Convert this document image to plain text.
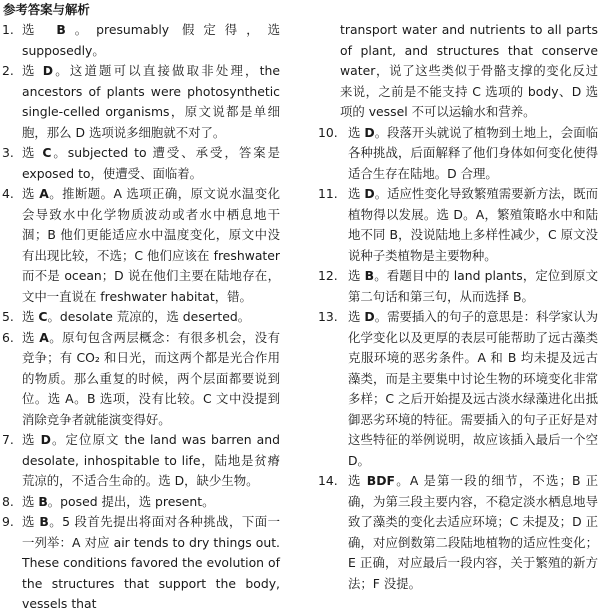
参考答案与解析
1. 选 B。presumably 假定得，选 supposedly。
2. 选 D。这道题可以直接做取非处理，the ancestors of plants were photosynthetic single-celled organisms，原文说都是单细胞，那么 D 选项说多细胞就不对了。
3. 选 C。subjected to 遭受、承受，答案是 exposed to，使遭受、面临着。
4. 选 A。推断题。A 选项正确，原文说水温变化会导致水中化学物质波动或者水中栖息地干涸；B 他们更能适应水中温度变化，原文中没有出现比较，不选；C 他们应该在 freshwater 而不是 ocean；D 说在他们主要在陆地存在，文中一直说在 freshwater habitat，错。
5. 选 C。desolate 荒凉的，选 deserted。
6. 选 A。原句包含两层概念：有很多机会，没有竞争；有 CO₂ 和日光，而这两个都是光合作用的物质。那么重复的时候，两个层面都要说到位。选 A。B 选项，没有比较。C 文中没提到消除竞争者就能演变得好。
7. 选 D。定位原文 the land was barren and desolate, inhospitable to life，陆地是贫瘠荒凉的，不适合生命的。选 D，缺少生物。
8. 选 B。posed 提出，选 present。
9. 选 B。5 段首先提出将面对各种挑战，下面一一列举：A 对应 air tends to dry things out. These conditions favored the evolution of the structures that support the body, vessels that
transport water and nutrients to all parts of plant, and structures that conserve water，说了这些类似于骨骼支撑的变化反过来说，之前是不能支持 C 选项的 body、D 选项的 vessel 不可以运输水和营养。
10. 选 D。段落开头就说了植物到土地上，会面临各种挑战，后面解释了他们身体如何变化使得适合生存在陆地。D 合理。
11. 选 D。适应性变化导致繁殖需要新方法，既而植物得以发展。选 D。A，繁殖策略水中和陆地不同 B，没说陆地上多样性减少，C 原文没说种子类植物是主要物种。
12. 选 B。看题目中的 land plants，定位到原文第二句话和第三句，从而选择 B。
13. 选 D。需要插入的句子的意思是：科学家认为化学变化以及更厚的表层可能帮助了远古藻类克服环境的恶劣条件。A 和 B 均未提及远古藻类，而是主要集中讨论生物的环境变化非常多样；C 之后开始提及远古淡水绿藻进化出抵御恶劣环境的特征。需要插入的句子正好是对这些特征的举例说明，故应该插入最后一个空 D。
14. 选 BDF。A 是第一段的细节，不选；B 正确，为第三段主要内容，不稳定淡水栖息地导致了藻类的变化去适应环境；C 未提及；D 正确，对应倒数第二段陆地植物的适应性变化；E 正确，对应最后一段内容，关于繁殖的新方法；F 没提。
